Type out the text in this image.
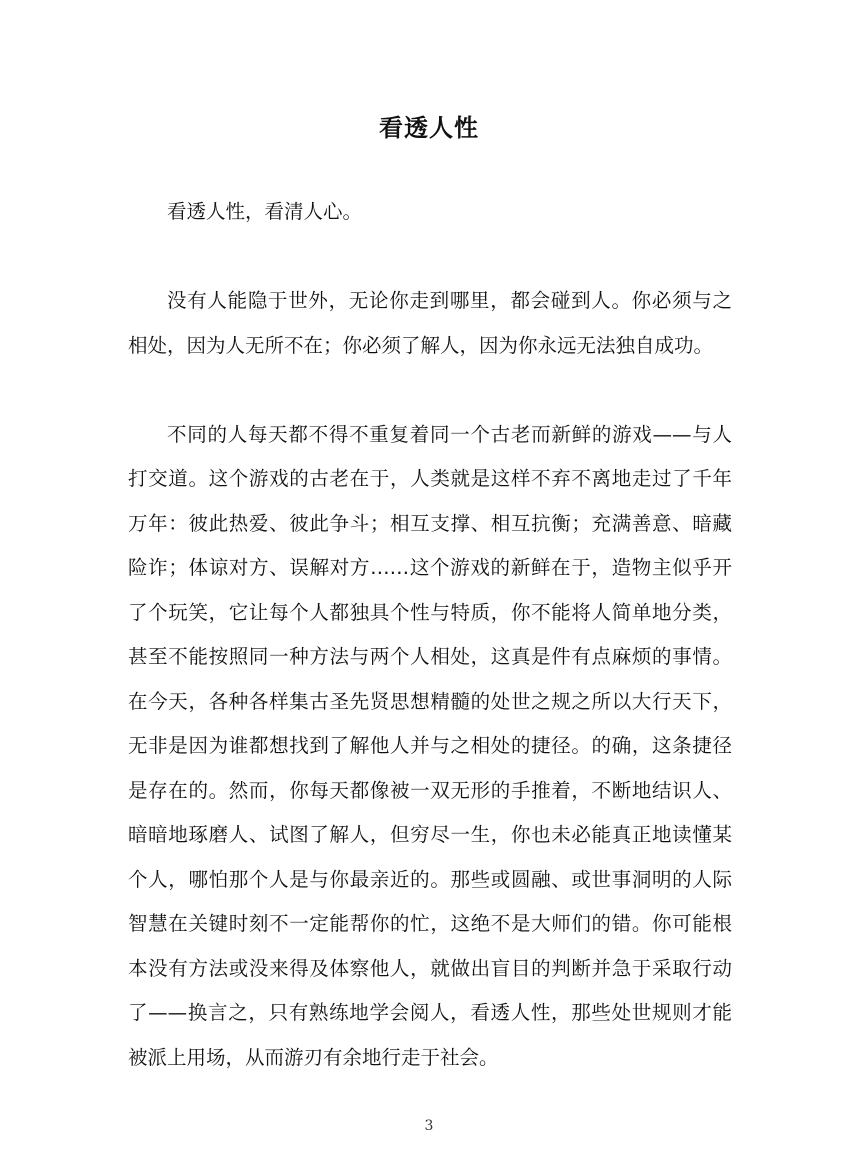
看透人性

看透人性，看清人心。

没有人能隐于世外，无论你走到哪里，都会碰到人。你必须与之相处，因为人无所不在；你必须了解人，因为你永远无法独自成功。

不同的人每天都不得不重复着同一个古老而新鲜的游戏——与人打交道。这个游戏的古老在于，人类就是这样不弃不离地走过了千年万年：彼此热爱、彼此争斗；相互支撑、相互抗衡；充满善意、暗藏险诈；体谅对方、误解对方……这个游戏的新鲜在于，造物主似乎开了个玩笑，它让每个人都独具个性与特质，你不能将人简单地分类，甚至不能按照同一种方法与两个人相处，这真是件有点麻烦的事情。在今天，各种各样集古圣先贤思想精髓的处世之规之所以大行天下，无非是因为谁都想找到了解他人并与之相处的捷径。的确，这条捷径是存在的。然而，你每天都像被一双无形的手推着，不断地结识人、暗暗地琢磨人、试图了解人，但穷尽一生，你也未必能真正地读懂某个人，哪怕那个人是与你最亲近的。那些或圆融、或世事洞明的人际智慧在关键时刻不一定能帮你的忙，这绝不是大师们的错。你可能根本没有方法或没来得及体察他人，就做出盲目的判断并急于采取行动了——换言之，只有熟练地学会阅人，看透人性，那些处世规则才能被派上用场，从而游刃有余地行走于社会。

3
